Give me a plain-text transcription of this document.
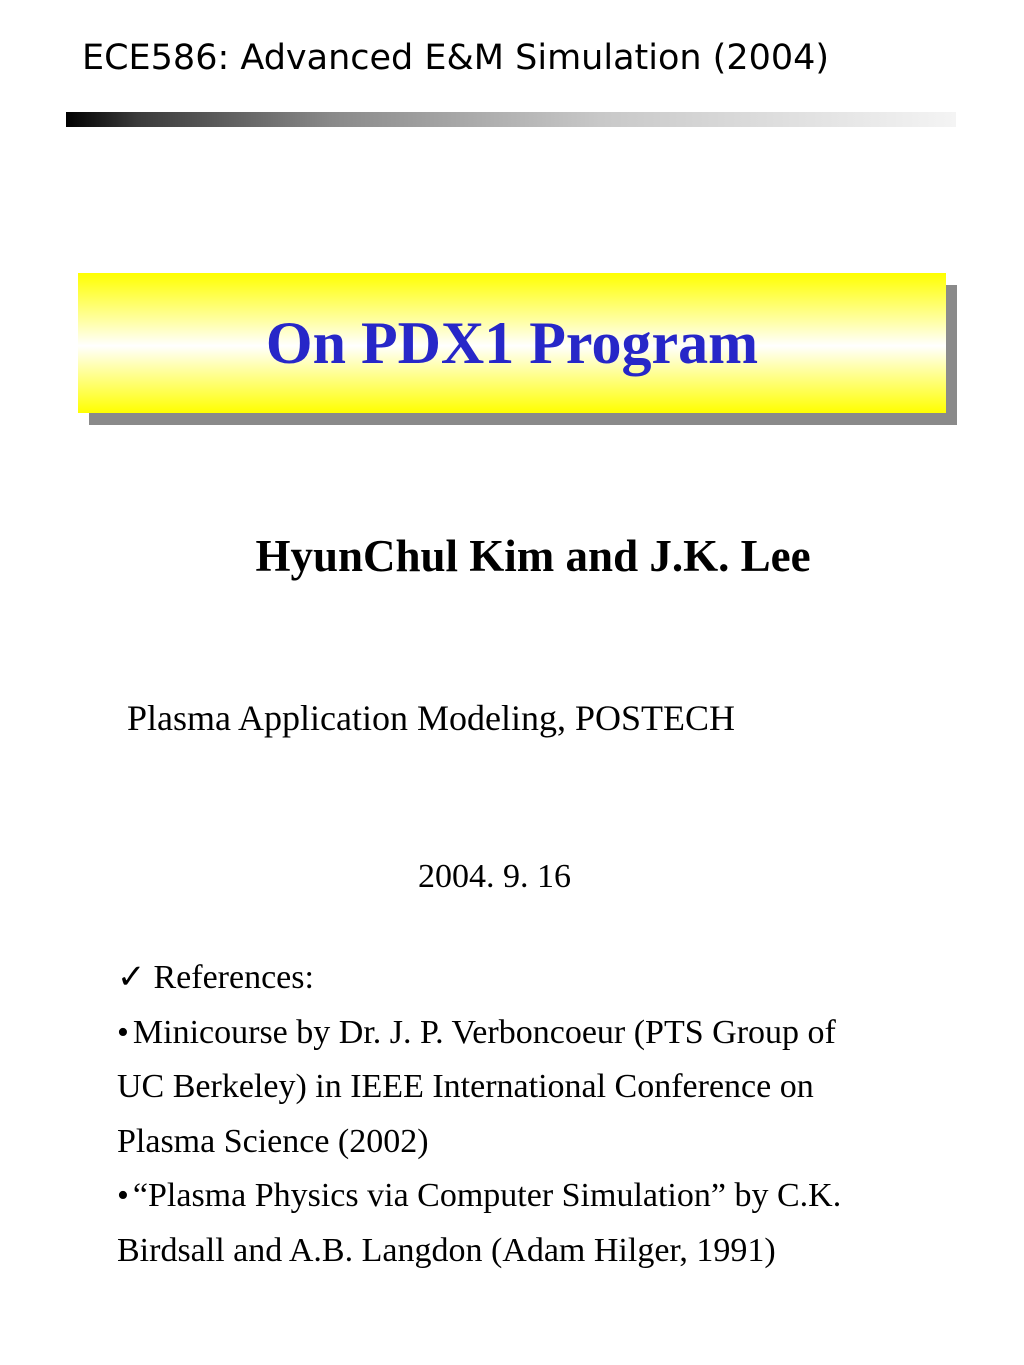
ECE586: Advanced E&M Simulation (2004)
On PDX1 Program
HyunChul Kim and J.K. Lee
Plasma Application Modeling, POSTECH
2004. 9. 16
✓ References:
• Minicourse by Dr. J. P. Verboncoeur (PTS Group of
UC Berkeley) in IEEE International Conference on
Plasma Science (2002)
• “Plasma Physics via Computer Simulation” by C.K.
Birdsall and A.B. Langdon (Adam Hilger, 1991)
